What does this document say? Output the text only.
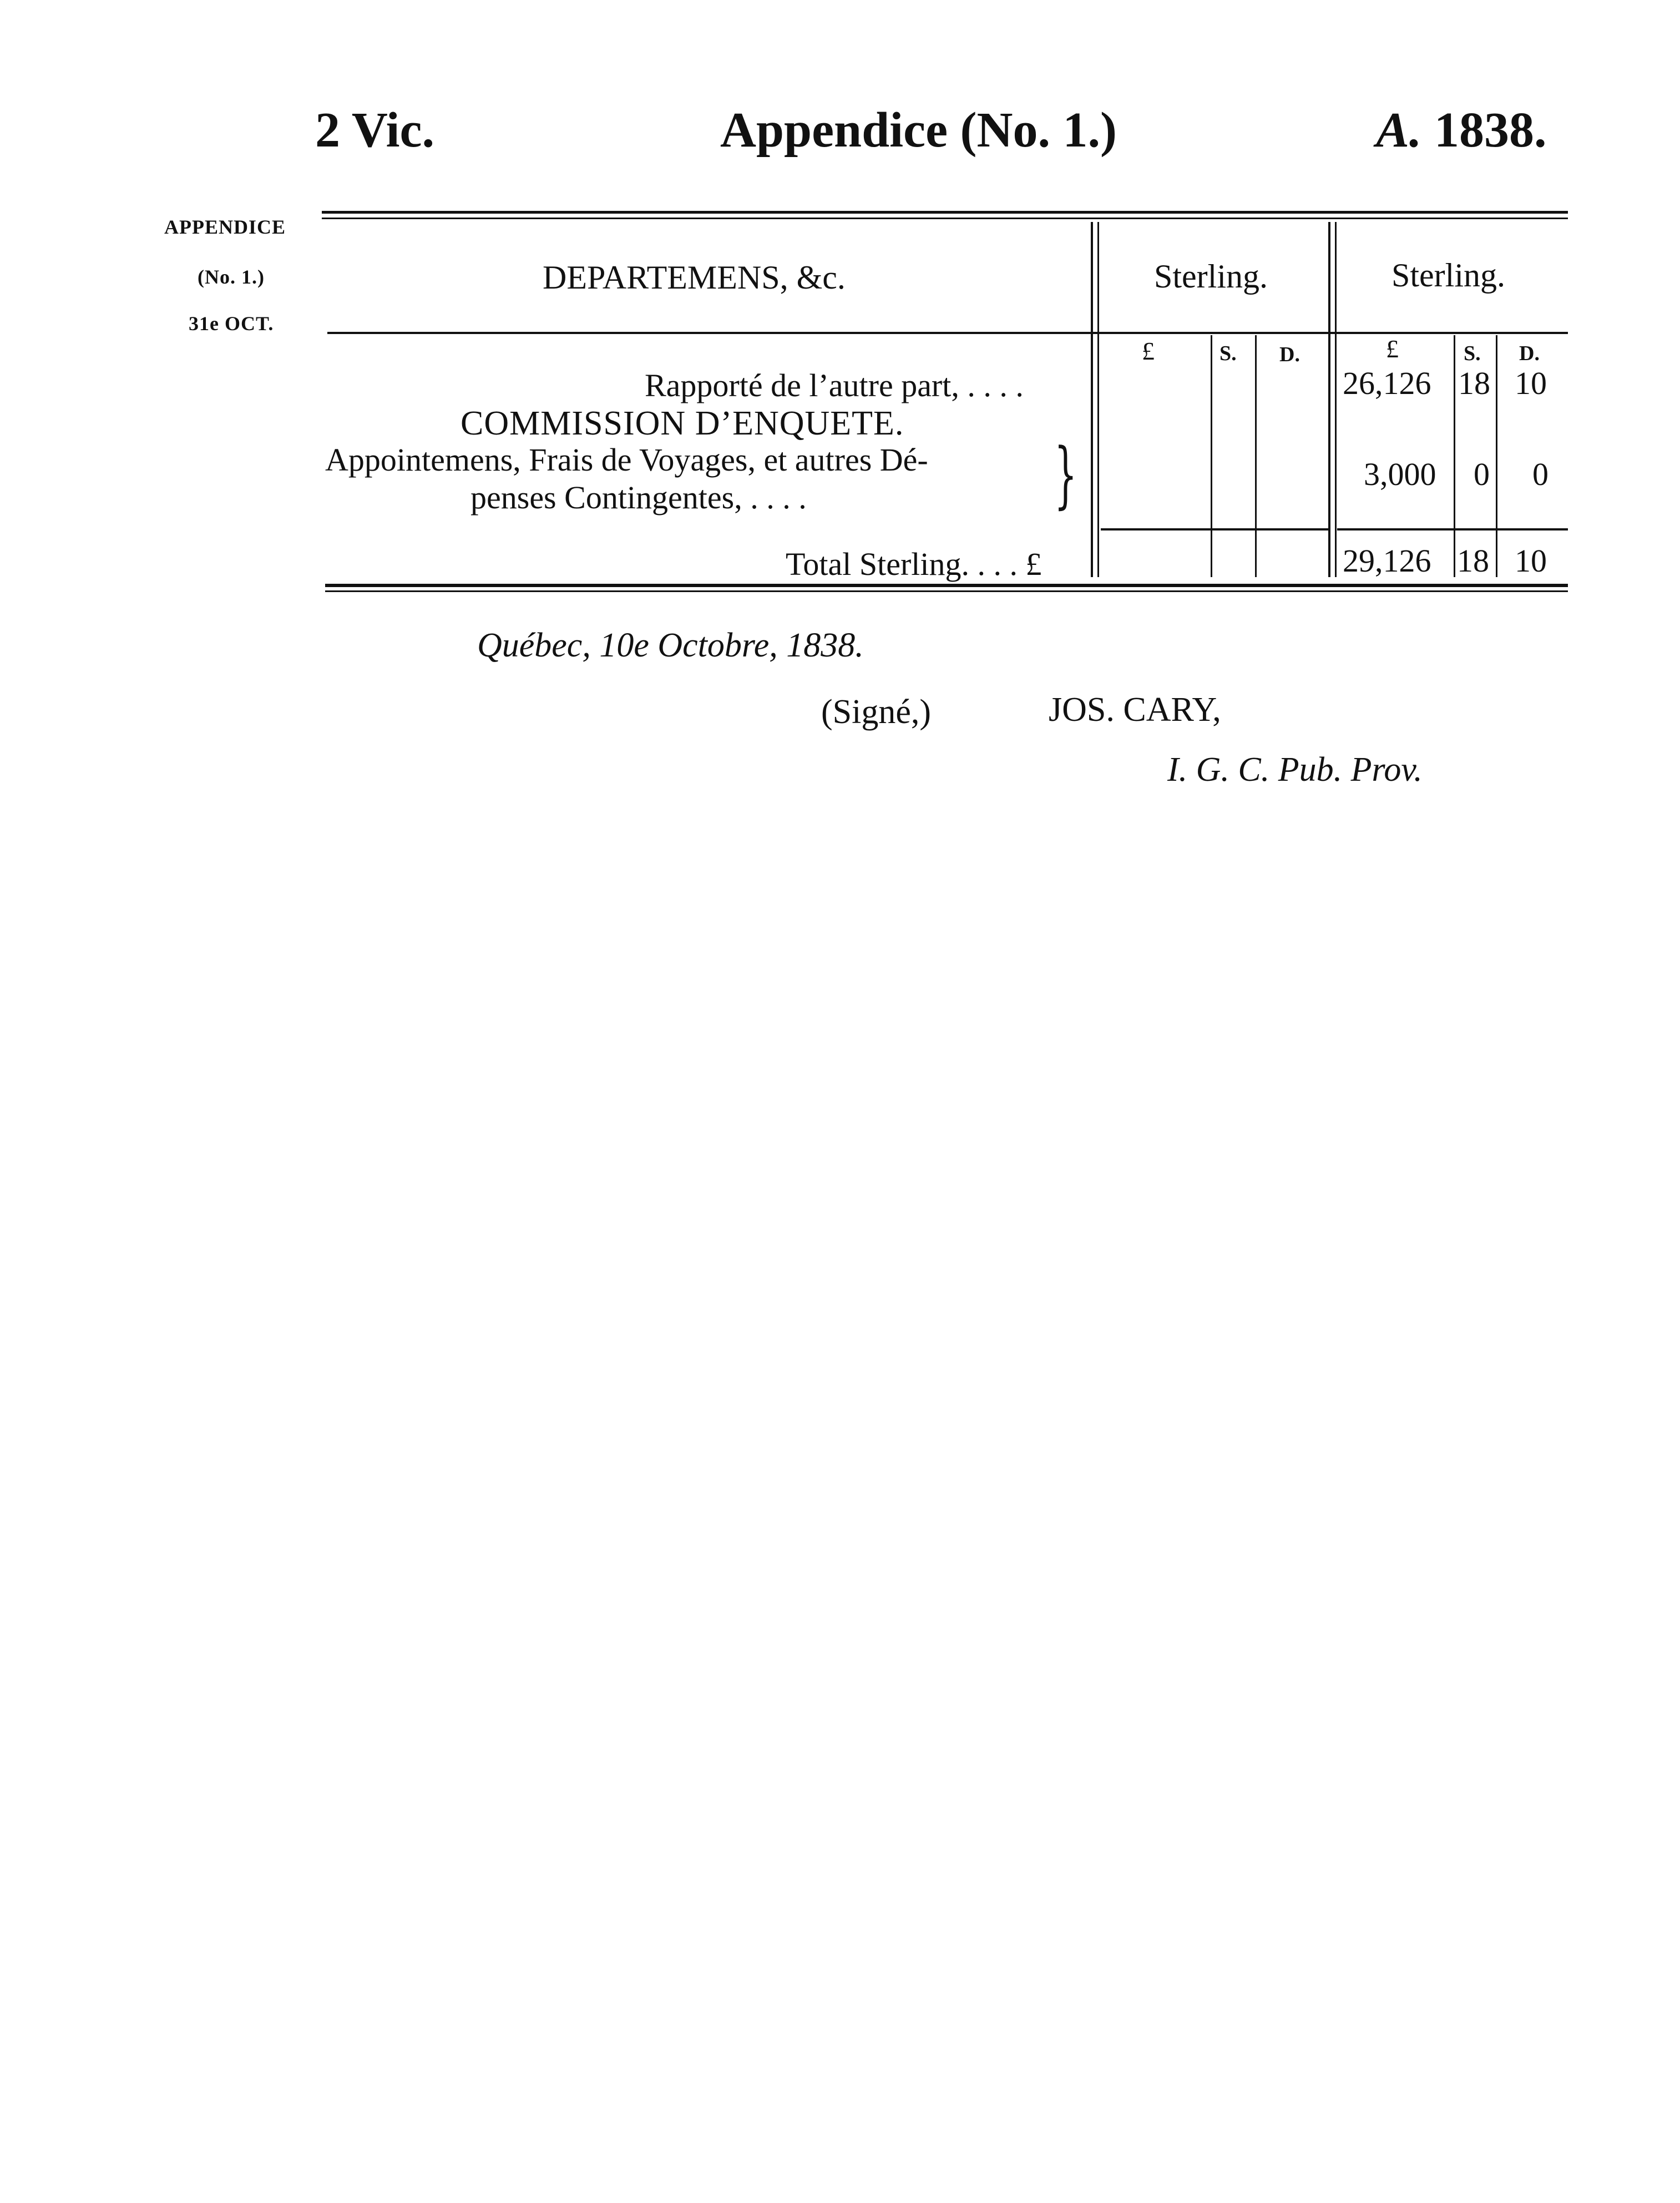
2 Vic.	Appendice (No. 1.)	A. 1838.
APPENDICE
(No. 1.)
31e OCT.
DEPARTEMENS, &c.	Sterling.	Sterling.
£	S. D.	£	S. D.
Rapporté de l’autre part, . . . .	26,126 18 10
COMMISSION D’ENQUETE.
Appointemens, Frais de Voyages, et autres Dé-
penses Contingentes, . . . .	}	3,000 0 0
Total Sterling. . . . £	29,126 18 10
Québec, 10e Octobre, 1838.
(Signé,)	JOS. CARY,
I. G. C. Pub. Prov.
